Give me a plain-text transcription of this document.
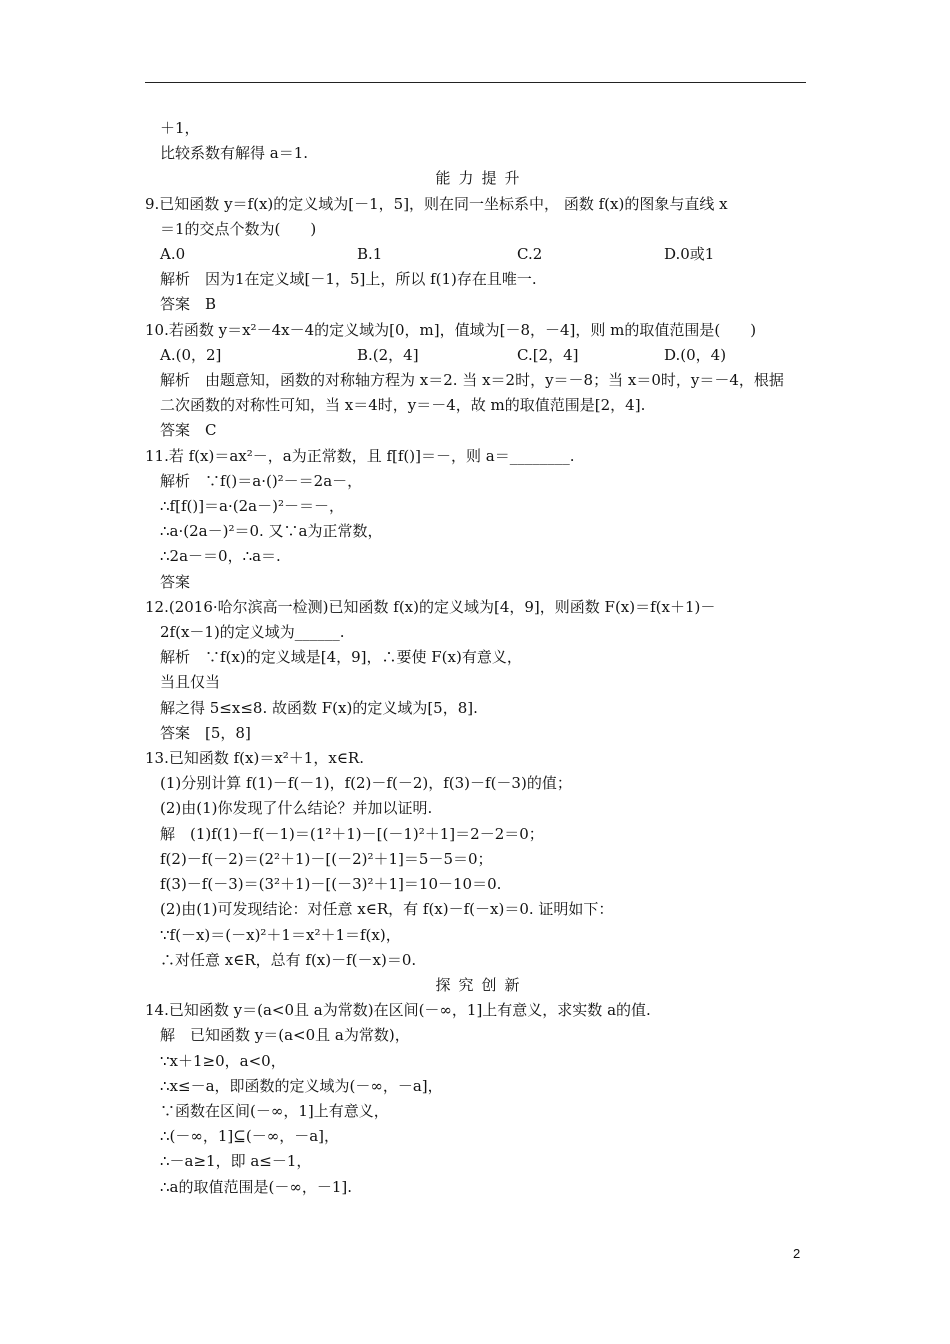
＋1，
比较系数有解得 a＝1.
能力提升
9.已知函数 y＝f(x)的定义域为[－1，5]，则在同一坐标系中， 函数 f(x)的图象与直线 x
＝1的交点个数为(　　)
A.0	B.1	C.2	D.0或1
解析　因为1在定义域[－1，5]上，所以 f(1)存在且唯一.
答案　B
10.若函数 y＝x²－4x－4的定义域为[0，m]，值域为[－8，－4]，则 m的取值范围是(　　)
A.(0，2]	B.(2，4]	C.[2，4]	D.(0，4)
解析　由题意知，函数的对称轴方程为 x＝2. 当 x＝2时，y＝－8；当 x＝0时，y＝－4，根据
二次函数的对称性可知，当 x＝4时，y＝－4，故 m的取值范围是[2，4].
答案　C
11.若 f(x)＝ax²－，a为正常数，且 f[f()]＝－，则 a＝________.
解析　∵f()＝a·()²－＝2a－，
∴f[f()]＝a·(2a－)²－＝－，
∴a·(2a－)²＝0. 又∵a为正常数，
∴2a－＝0，∴a＝.
答案
12.(2016·哈尔滨高一检测)已知函数 f(x)的定义域为[4，9]，则函数 F(x)＝f(x＋1)－
2f(x－1)的定义域为______.
解析　∵f(x)的定义域是[4，9]，∴要使 F(x)有意义，
当且仅当
解之得 5≤x≤8. 故函数 F(x)的定义域为[5，8].
答案　[5，8]
13.已知函数 f(x)＝x²＋1，x∈R.
(1)分别计算 f(1)－f(－1)，f(2)－f(－2)，f(3)－f(－3)的值；
(2)由(1)你发现了什么结论？并加以证明.
解　(1)f(1)－f(－1)＝(1²＋1)－[(－1)²＋1]＝2－2＝0；
f(2)－f(－2)＝(2²＋1)－[(－2)²＋1]＝5－5＝0；
f(3)－f(－3)＝(3²＋1)－[(－3)²＋1]＝10－10＝0.
(2)由(1)可发现结论：对任意 x∈R，有 f(x)－f(－x)＝0. 证明如下：
∵f(－x)＝(－x)²＋1＝x²＋1＝f(x)，
∴对任意 x∈R，总有 f(x)－f(－x)＝0.
探究创新
14.已知函数 y＝(a<0且 a为常数)在区间(－∞，1]上有意义，求实数 a的值.
解　已知函数 y＝(a<0且 a为常数)，
∵x＋1≥0，a<0，
∴x≤－a，即函数的定义域为(－∞，－a]，
∵函数在区间(－∞，1]上有意义，
∴(－∞，1]⊆(－∞，－a]，
∴－a≥1，即 a≤－1，
∴a的取值范围是(－∞，－1].
2
